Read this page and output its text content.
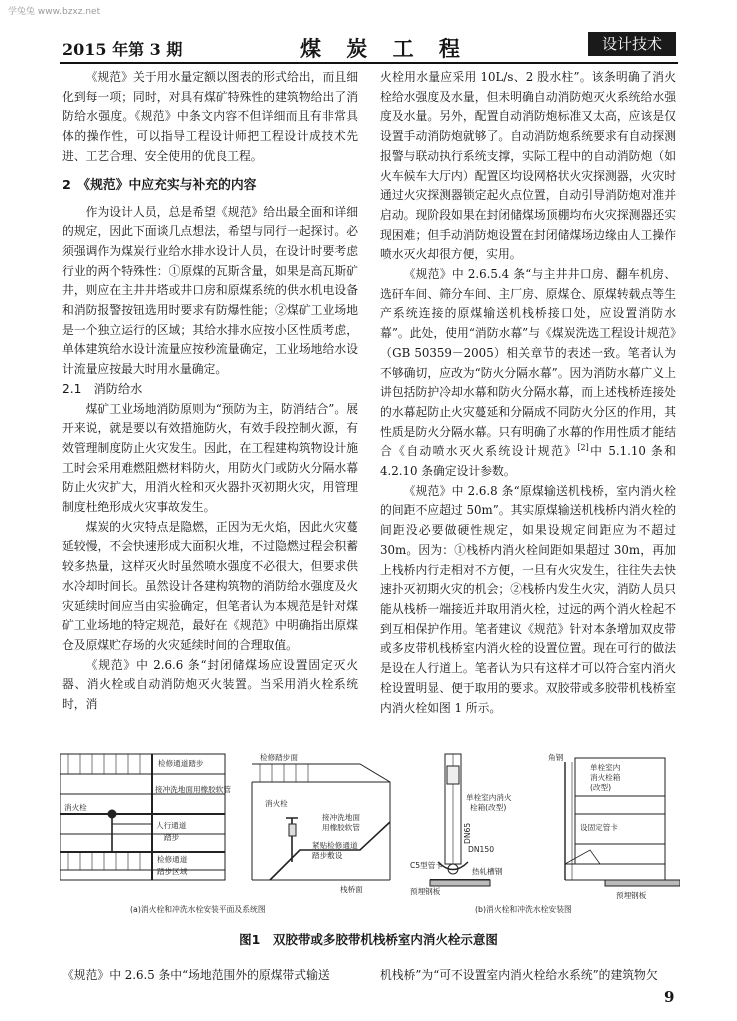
学兔兔 www.bzxz.net
2015 年第 3 期	煤 炭 工 程	设计技术

《规范》关于用水量定额以图表的形式给出，而且细化到每一项；同时，对具有煤矿特殊性的建筑物给出了消防给水强度。《规范》中条文内容不但详细而且有非常具体的操作性，可以指导工程设计师把工程设计成技术先进、工艺合理、安全使用的优良工程。

2　《规范》中应充实与补充的内容

作为设计人员，总是希望《规范》给出最全面和详细的规定，因此下面谈几点想法，希望与同行一起探讨。必须强调作为煤炭行业给水排水设计人员，在设计时要考虑行业的两个特殊性：①原煤的瓦斯含量，如果是高瓦斯矿井，则应在主井井塔或井口房和原煤系统的供水机电设备和消防报警按钮选用时要求有防爆性能；②煤矿工业场地是一个独立运行的区域；其给水排水应按小区性质考虑，单体建筑给水设计流量应按秒流量确定，工业场地给水设计流量应按最大时用水量确定。

2.1　消防给水

煤矿工业场地消防原则为“预防为主，防消结合”。展开来说，就是要以有效措施防火，有效手段控制火源，有效管理制度防止火灾发生。因此，在工程建构筑物设计施工时会采用难燃阻燃材料防火，用防火门或防火分隔水幕防止火灾扩大，用消火栓和灭火器扑灭初期火灾，用管理制度杜绝形成火灾事故发生。

煤炭的火灾特点是隐燃，正因为无火焰，因此火灾蔓延较慢，不会快速形成大面积火堆，不过隐燃过程会积蓄较多热量，这样灭火时虽然喷水强度不必很大，但要求供水冷却时间长。虽然设计各建构筑物的消防给水强度及火灾延续时间应当由实验确定，但笔者认为本规范是针对煤矿工业场地的特定规范，最好在《规范》中明确指出原煤仓及原煤贮存场的火灾延续时间的合理取值。

《规范》中 2.6.6 条“封闭储煤场应设置固定灭火器、消火栓或自动消防炮灭火装置。当采用消火栓系统时，消

火栓用水量应采用 10L/s、2 股水柱”。该条明确了消火栓给水强度及水量，但未明确自动消防炮灭火系统给水强度及水量。另外，配置自动消防炮标准又太高，应该是仅设置手动消防炮就够了。自动消防炮系统要求有自动探测报警与联动执行系统支撑，实际工程中的自动消防炮（如火车候车大厅内）配置区均设网格状火灾探测器，火灾时通过火灾探测器锁定起火点位置，自动引导消防炮对准并启动。现阶段如果在封闭储煤场顶棚均布火灾探测器还实现困难；但手动消防炮设置在封闭储煤场边缘由人工操作喷水灭火却很方便，实用。

《规范》中 2.6.5.4 条“与主井井口房、翻车机房、选矸车间、筛分车间、主厂房、原煤仓、原煤转载点等生产系统连接的原煤输送机栈桥接口处，应设置消防水幕”。此处，使用“消防水幕”与《煤炭洗选工程设计规范》（GB 50359－2005）相关章节的表述一致。笔者认为不够确切，应改为“防火分隔水幕”。因为消防水幕广义上讲包括防护冷却水幕和防火分隔水幕，而上述栈桥连接处的水幕起防止火灾蔓延和分隔成不同防火分区的作用，其性质是防火分隔水幕。只有明确了水幕的作用性质才能结合《自动喷水灭火系统设计规范》[2]中 5.1.10 条和 4.2.10 条确定设计参数。

《规范》中 2.6.8 条“原煤输送机栈桥，室内消火栓的间距不应超过 50m”。其实原煤输送机栈桥内消火栓的间距没必要做硬性规定，如果设规定间距应为不超过 30m。因为：①栈桥内消火栓间距如果超过 30m，再加上栈桥内行走相对不方便，一旦有火灾发生，往往失去快速扑灭初期火灾的机会；②栈桥内发生火灾，消防人员只能从栈桥一端接近并取用消火栓，过远的两个消火栓起不到互相保护作用。笔者建议《规范》针对本条增加双皮带或多皮带机栈桥室内消火栓的设置位置。现在可行的做法是设在人行道上。笔者认为只有这样才可以符合室内消火栓设置明显、便于取用的要求。双胶带或多胶带机栈桥室内消火栓如图 1 所示。

检修通道踏步
接冲洗地面用橡胶软管
消火栓
人行通道
踏步
检修通道
踏步区域
检修踏步面
消火栓
接冲洗地面
用橡胶软管
紧贴检修通道
踏步敷设
栈桥面
单栓室内消火
栓箱(改型)
DN65
DN150
C5型管卡
热轧槽钢
预埋钢板
角钢
单栓室内
消火栓箱
(改型)
设固定管卡
预埋钢板
(a)消火栓和冲洗水栓安装平面及系统图	(b)消火栓和冲洗水栓安装图
图1　双胶带或多胶带机栈桥室内消火栓示意图
《规范》中 2.6.5 条中“场地范围外的原煤带式输送	机栈桥”为“可不设置室内消火栓给水系统”的建筑物欠
9
